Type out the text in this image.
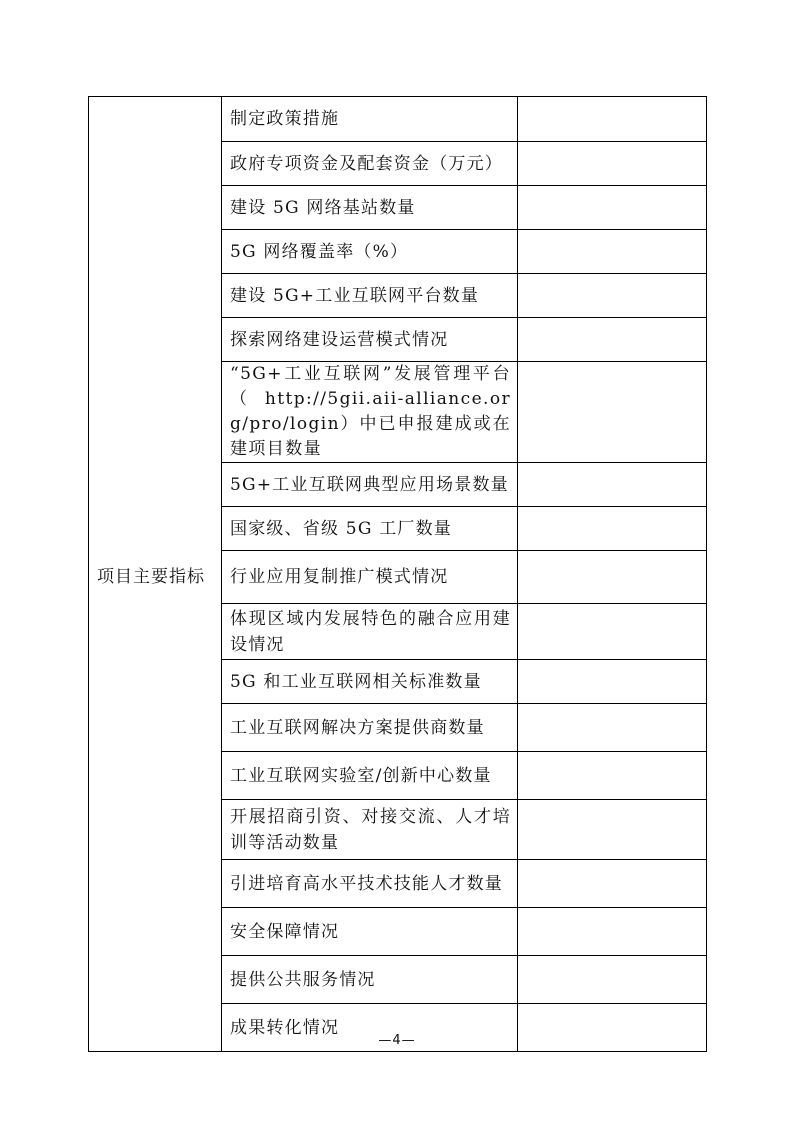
项目主要指标	制定政策措施	
	政府专项资金及配套资金（万元）	
	建设 5G 网络基站数量	
	5G 网络覆盖率（%）	
	建设 5G+工业互联网平台数量	
	探索网络建设运营模式情况	
	“5G+工业互联网”发展管理平台（ http://5gii.aii-alliance.org/pro/login）中已申报建成或在建项目数量	
	5G+工业互联网典型应用场景数量	
	国家级、省级 5G 工厂数量	
	行业应用复制推广模式情况	
	体现区域内发展特色的融合应用建设情况	
	5G 和工业互联网相关标准数量	
	工业互联网解决方案提供商数量	
	工业互联网实验室/创新中心数量	
	开展招商引资、对接交流、人才培训等活动数量	
	引进培育高水平技术技能人才数量	
	安全保障情况	
	提供公共服务情况	
	成果转化情况	
—4—
